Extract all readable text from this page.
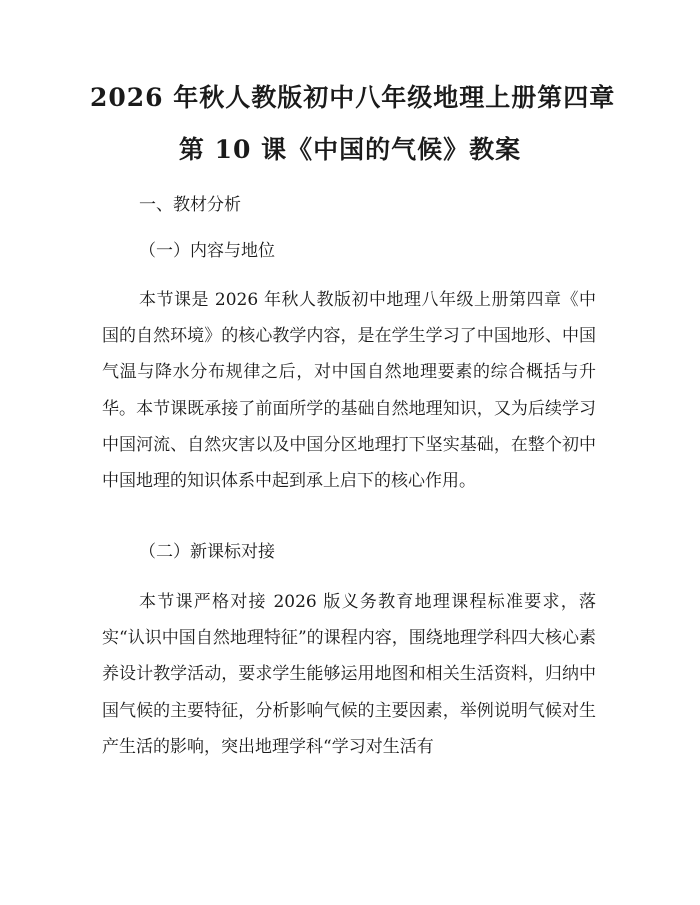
2026 年秋人教版初中八年级地理上册第四章
第 10 课《中国的气候》教案
一、教材分析
（一）内容与地位

本节课是 2026 年秋人教版初中地理八年级上册第四章《中国的自然环境》的核心教学内容，是在学生学习了中国地形、中国气温与降水分布规律之后，对中国自然地理要素的综合概括与升华。本节课既承接了前面所学的基础自然地理知识，又为后续学习中国河流、自然灾害以及中国分区地理打下坚实基础，在整个初中中国地理的知识体系中起到承上启下的核心作用。

（二）新课标对接

本节课严格对接 2026 版义务教育地理课程标准要求，落实“认识中国自然地理特征”的课程内容，围绕地理学科四大核心素养设计教学活动，要求学生能够运用地图和相关生活资料，归纳中国气候的主要特征，分析影响气候的主要因素，举例说明气候对生产生活的影响，突出地理学科“学习对生活有
